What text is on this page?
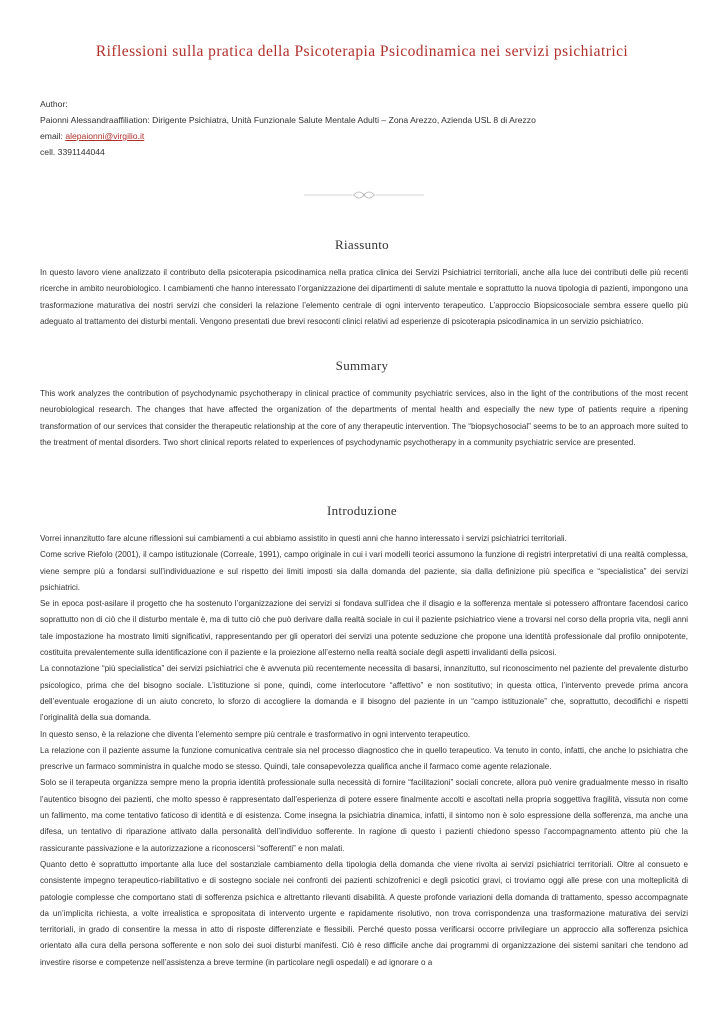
Riflessioni sulla pratica della Psicoterapia Psicodinamica nei servizi psichiatrici
Author:
Paionni Alessandraaffiliation: Dirigente Psichiatra, Unità Funzionale Salute Mentale Adulti – Zona Arezzo, Azienda USL 8 di Arezzo
email: alepaionni@virgilio.it
cell. 3391144044
Riassunto

In questo lavoro viene analizzato il contributo della psicoterapia psicodinamica nella pratica clinica dei Servizi Psichiatrici territoriali, anche alla luce dei contributi delle più recenti ricerche in ambito neurobiologico. I cambiamenti che hanno interessato l’organizzazione dei dipartimenti di salute mentale e soprattutto la nuova tipologia di pazienti, impongono una trasformazione maturativa dei nostri servizi che consideri la relazione l’elemento centrale di ogni intervento terapeutico. L’approccio Biopsicosociale sembra essere quello più adeguato al trattamento dei disturbi mentali. Vengono presentati due brevi resoconti clinici relativi ad esperienze di psicoterapia psicodinamica in un servizio psichiatrico.

Summary

This work analyzes the contribution of psychodynamic psychotherapy in clinical practice of community psychiatric services, also in the light of the contributions of the most recent neurobiological research. The changes that have affected the organization of the departments of mental health and especially the new type of patients require a ripening transformation of our services that consider the therapeutic relationship at the core of any therapeutic intervention. The “biopsychosocial” seems to be to an approach more suited to the treatment of mental disorders. Two short clinical reports related to experiences of psychodynamic psychotherapy in a community psychiatric service are presented.

Introduzione

Vorrei innanzitutto fare alcune riflessioni sui cambiamenti a cui abbiamo assistito in questi anni che hanno interessato i servizi psichiatrici territoriali.

Come scrive Riefolo (2001), il campo istituzionale (Correale, 1991), campo originale in cui i vari modelli teorici assumono la funzione di registri interpretativi di una realtà complessa, viene sempre più a fondarsi sull’individuazione e sul rispetto dei limiti imposti sia dalla domanda del paziente, sia dalla definizione più specifica e “specialistica” dei servizi psichiatrici.

Se in epoca post-asilare il progetto che ha sostenuto l’organizzazione dei servizi si fondava sull’idea che il disagio e la sofferenza mentale si potessero affrontare facendosi carico soprattutto non di ciò che il disturbo mentale è, ma di tutto ciò che può derivare dalla realtà sociale in cui il paziente psichiatrico viene a trovarsi nel corso della propria vita, negli anni tale impostazione ha mostrato limiti significativi, rappresentando per gli operatori dei servizi una potente seduzione che propone una identità professionale dal profilo onnipotente, costituita prevalentemente sulla identificazione con il paziente e la proiezione all’esterno nella realtà sociale degli aspetti invalidanti della psicosi.

La connotazione “più specialistica” dei servizi psichiatrici che è avvenuta più recentemente necessita di basarsi, innanzitutto, sul riconoscimento nel paziente del prevalente disturbo psicologico, prima che del bisogno sociale. L’istituzione si pone, quindi, come interlocutore “affettivo” e non sostitutivo; in questa ottica, l’intervento prevede prima ancora dell’eventuale erogazione di un aiuto concreto, lo sforzo di accogliere la domanda e il bisogno del paziente in un “campo istituzionale” che, soprattutto, decodifichi e rispetti l’originalità della sua domanda.

In questo senso, è la relazione che diventa l’elemento sempre più centrale e trasformativo in ogni intervento terapeutico.

La relazione con il paziente assume la funzione comunicativa centrale sia nel processo diagnostico che in quello terapeutico. Va tenuto in conto, infatti, che anche lo psichiatra che prescrive un farmaco somministra in qualche modo se stesso. Quindi, tale consapevolezza qualifica anche il farmaco come agente relazionale.

Solo se il terapeuta organizza sempre meno la propria identità professionale sulla necessità di fornire “facilitazioni” sociali concrete, allora può venire gradualmente messo in risalto l’autentico bisogno dei pazienti, che molto spesso è rappresentato dall’esperienza di potere essere finalmente accolti e ascoltati nella propria soggettiva fragilità, vissuta non come un fallimento, ma come tentativo faticoso di identità e di esistenza. Come insegna la psichiatria dinamica, infatti, il sintomo non è solo espressione della sofferenza, ma anche una difesa, un tentativo di riparazione attivato dalla personalità dell’individuo sofferente. In ragione di questo i pazienti chiedono spesso l’accompagnamento attento più che la rassicurante passivazione e la autorizzazione a riconoscersi “sofferenti” e non malati.

Quanto detto è soprattutto importante alla luce del sostanziale cambiamento della tipologia della domanda che viene rivolta ai servizi psichiatrici territoriali. Oltre al consueto e consistente impegno terapeutico-riabilitativo e di sostegno sociale nei confronti dei pazienti schizofrenici e degli psicotici gravi, ci troviamo oggi alle prese con una molteplicità di patologie complesse che comportano stati di sofferenza psichica e altrettanto rilevanti disabilità. A queste profonde variazioni della domanda di trattamento, spesso accompagnate da un’implicita richiesta, a volte irrealistica e spropositata di intervento urgente e rapidamente risolutivo, non trova corrispondenza una trasformazione maturativa dei servizi territoriali, in grado di consentire la messa in atto di risposte differenziate e flessibili. Perché questo possa verificarsi occorre privilegiare un approccio alla sofferenza psichica orientato alla cura della persona sofferente e non solo dei suoi disturbi manifesti. Ciò è reso difficile anche dai programmi di organizzazione dei sistemi sanitari che tendono ad investire risorse e competenze nell’assistenza a breve termine (in particolare negli ospedali) e ad ignorare o a
